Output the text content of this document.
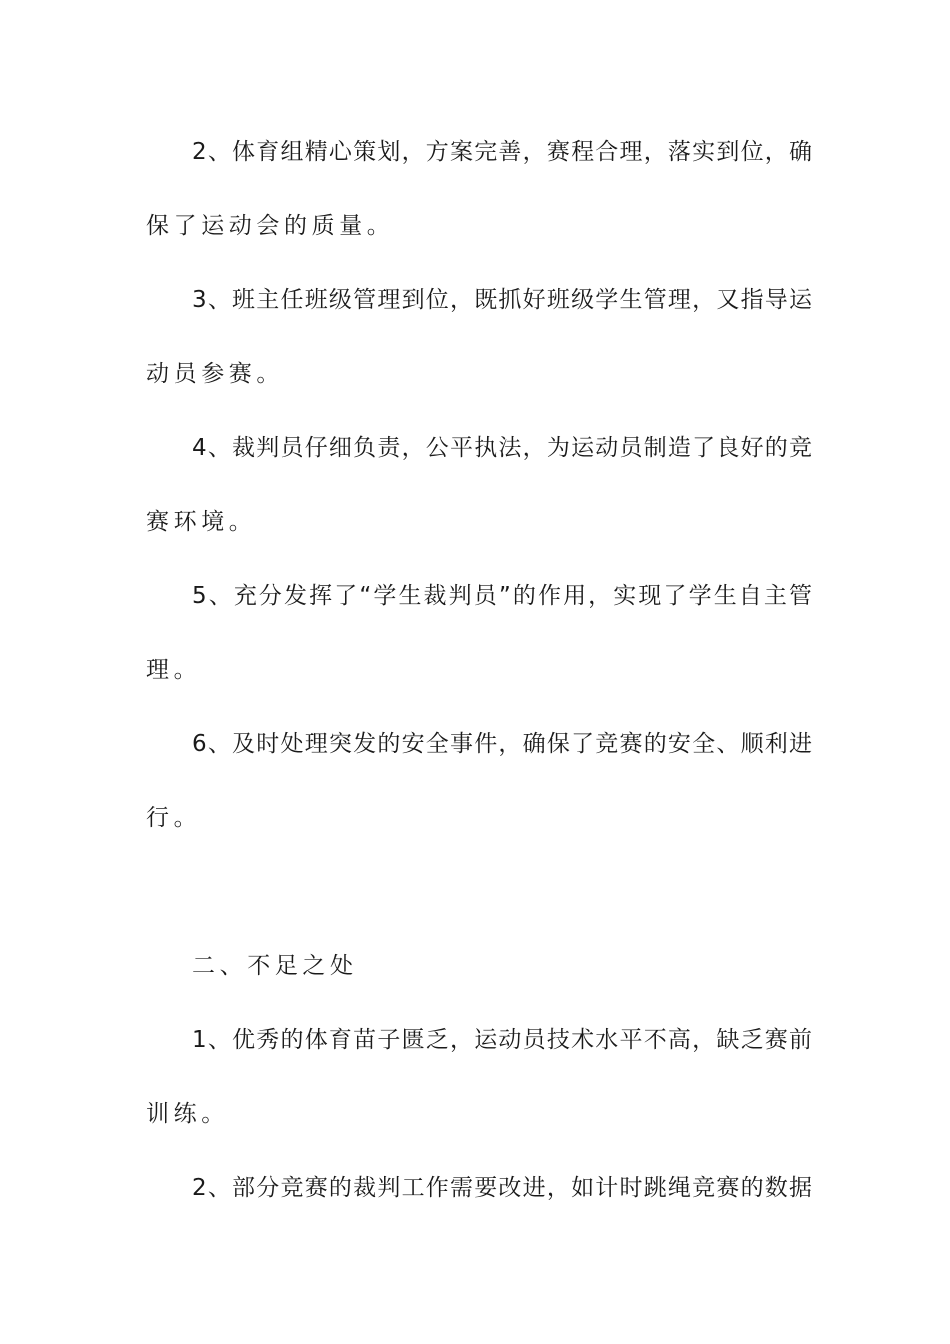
2、体育组精心策划，方案完善，赛程合理，落实到位，确
保了运动会的质量。
3、班主任班级管理到位，既抓好班级学生管理，又指导运
动员参赛。
4、裁判员仔细负责，公平执法，为运动员制造了良好的竞
赛环境。
5、充分发挥了“学生裁判员”的作用，实现了学生自主管
理。
6、及时处理突发的安全事件，确保了竞赛的安全、顺利进
行。
二、不足之处
1、优秀的体育苗子匮乏，运动员技术水平不高，缺乏赛前
训练。
2、部分竞赛的裁判工作需要改进，如计时跳绳竞赛的数据
